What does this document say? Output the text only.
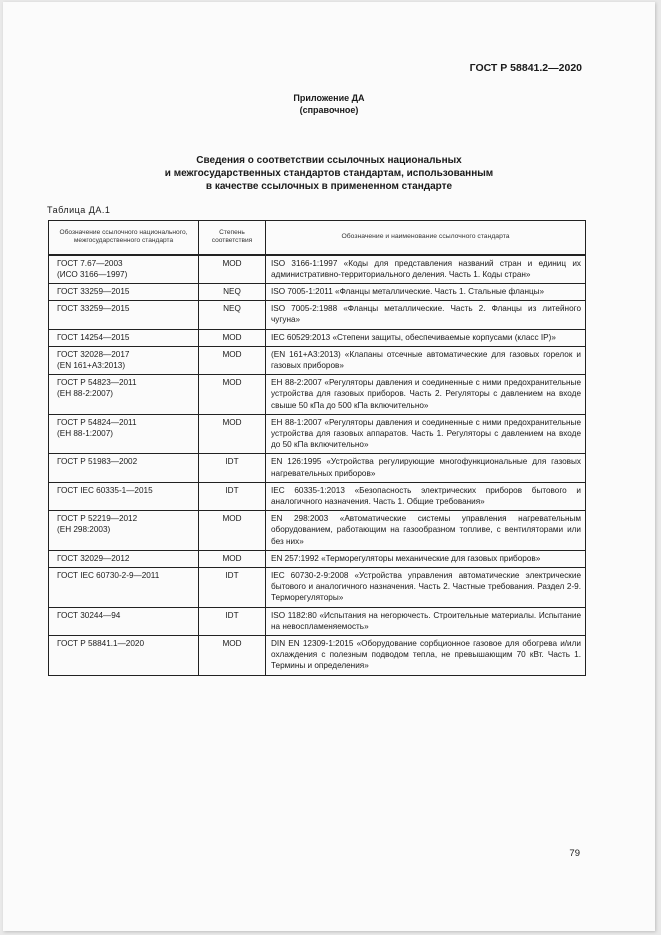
ГОСТ Р 58841.2—2020
Приложение ДА
(справочное)
Сведения о соответствии ссылочных национальных
и межгосударственных стандартов стандартам, использованным
в качестве ссылочных в примененном стандарте
Таблица ДА.1
Обозначение ссылочного национального, межгосударственного стандарта	Степень соответствия	Обозначение и наименование ссылочного стандарта

ГОСТ 7.67—2003
(ИСО 3166—1997)	MOD	ISO 3166-1:1997 «Коды для представления названий стран и единиц их административно-территориального деления. Часть 1. Коды стран»

ГОСТ 33259—2015	NEQ	ISO 7005-1:2011 «Фланцы металлические. Часть 1. Стальные фланцы»

ГОСТ 33259—2015	NEQ	ISO 7005-2:1988 «Фланцы металлические. Часть 2. Фланцы из литейного чугуна»

ГОСТ 14254—2015	MOD	IEC 60529:2013 «Степени защиты, обеспечиваемые корпусами (класс IP)»

ГОСТ 32028—2017
(EN 161+A3:2013)	MOD	(EN 161+A3:2013) «Клапаны отсечные автоматические для газовых горелок и газовых приборов»

ГОСТ Р 54823—2011
(EH 88-2:2007)	MOD	EH 88-2:2007 «Регуляторы давления и соединенные с ними предохранительные устройства для газовых приборов. Часть 2. Регуляторы с давлением на входе свыше 50 кПа до 500 кПа включительно»

ГОСТ Р 54824—2011
(EH 88-1:2007)	MOD	EH 88-1:2007 «Регуляторы давления и соединенные с ними предохранительные устройства для газовых аппаратов. Часть 1. Регуляторы с давлением на входе до 50 кПа включительно»

ГОСТ Р 51983—2002	IDT	EN 126:1995 «Устройства регулирующие многофункциональные для газовых нагревательных приборов»

ГОСТ IEC 60335-1—2015	IDT	IEC 60335-1:2013 «Безопасность электрических приборов бытового и аналогичного назначения. Часть 1. Общие требования»

ГОСТ Р 52219—2012
(EH 298:2003)	MOD	EN 298:2003 «Автоматические системы управления нагревательным оборудованием, работающим на газообразном топливе, с вентиляторами или без них»

ГОСТ 32029—2012	MOD	EN 257:1992 «Терморегуляторы механические для газовых приборов»

ГОСТ IEC 60730-2-9—2011	IDT	IEC 60730-2-9:2008 «Устройства управления автоматические электрические бытового и аналогичного назначения. Часть 2. Частные требования. Раздел 2-9. Терморегуляторы»

ГОСТ 30244—94	IDT	ISO 1182:80 «Испытания на негорючесть. Строительные материалы. Испытание на невоспламеняемость»

ГОСТ Р 58841.1—2020	MOD	DIN EN 12309-1:2015 «Оборудование сорбционное газовое для обогрева и/или охлаждения с полезным подводом тепла, не превышающим 70 кВт. Часть 1. Термины и определения»
79
